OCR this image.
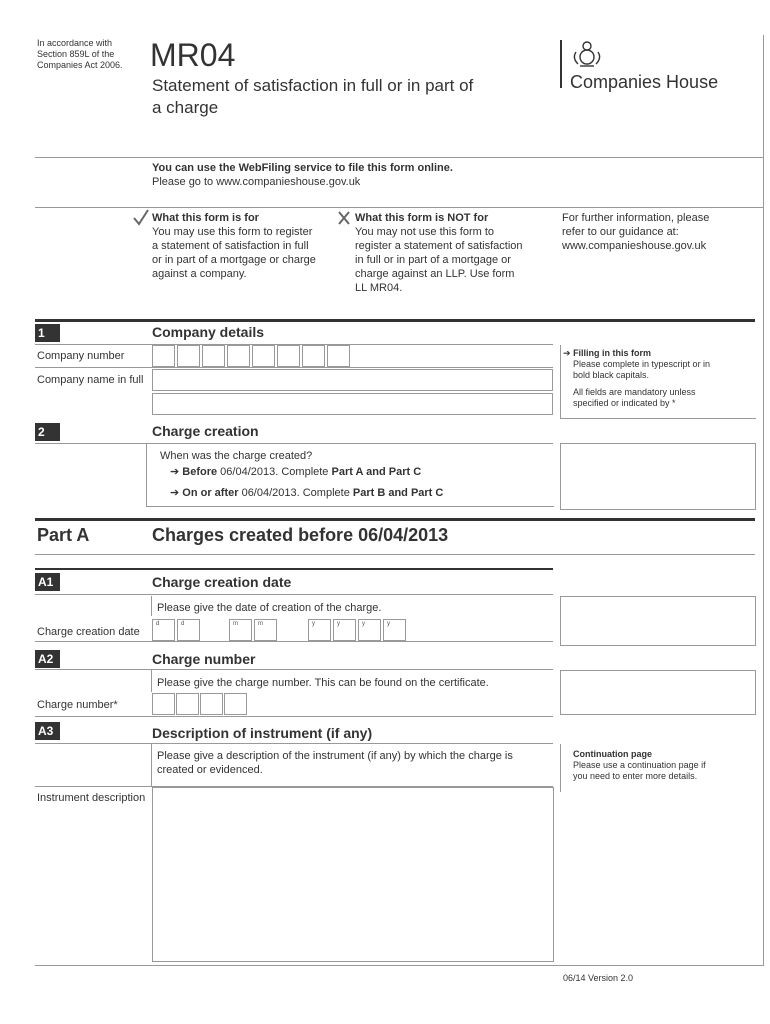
In accordance with
Section 859L of the
Companies Act 2006. MR04
Statement of satisfaction in full or in part of
a charge
Companies House
You can use the WebFiling service to file this form online.
Please go to www.companieshouse.gov.uk
What this form is for
You may use this form to register
a statement of satisfaction in full
or in part of a mortgage or charge
against a company.
What this form is NOT for
You may not use this form to
register a statement of satisfaction
in full or in part of a mortgage or
charge against an LLP. Use form
LL MR04.
For further information, please
refer to our guidance at:
www.companieshouse.gov.uk
1	Company details
Company number
Company name in full
➔ Filling in this form
Please complete in typescript or in
bold black capitals.
All fields are mandatory unless
specified or indicated by *
2	Charge creation
When was the charge created?
➔ Before 06/04/2013. Complete Part A and Part C
➔ On or after 06/04/2013. Complete Part B and Part C
Part A	Charges created before 06/04/2013
A1	Charge creation date
Please give the date of creation of the charge.
Charge creation date
d	d	m	m	y	y	y	y
A2	Charge number
Please give the charge number. This can be found on the certificate.
Charge number*
A3	Description of instrument (if any)
Please give a description of the instrument (if any) by which the charge is
created or evidenced.
Instrument description
Continuation page
Please use a continuation page if
you need to enter more details.
06/14 Version 2.0
